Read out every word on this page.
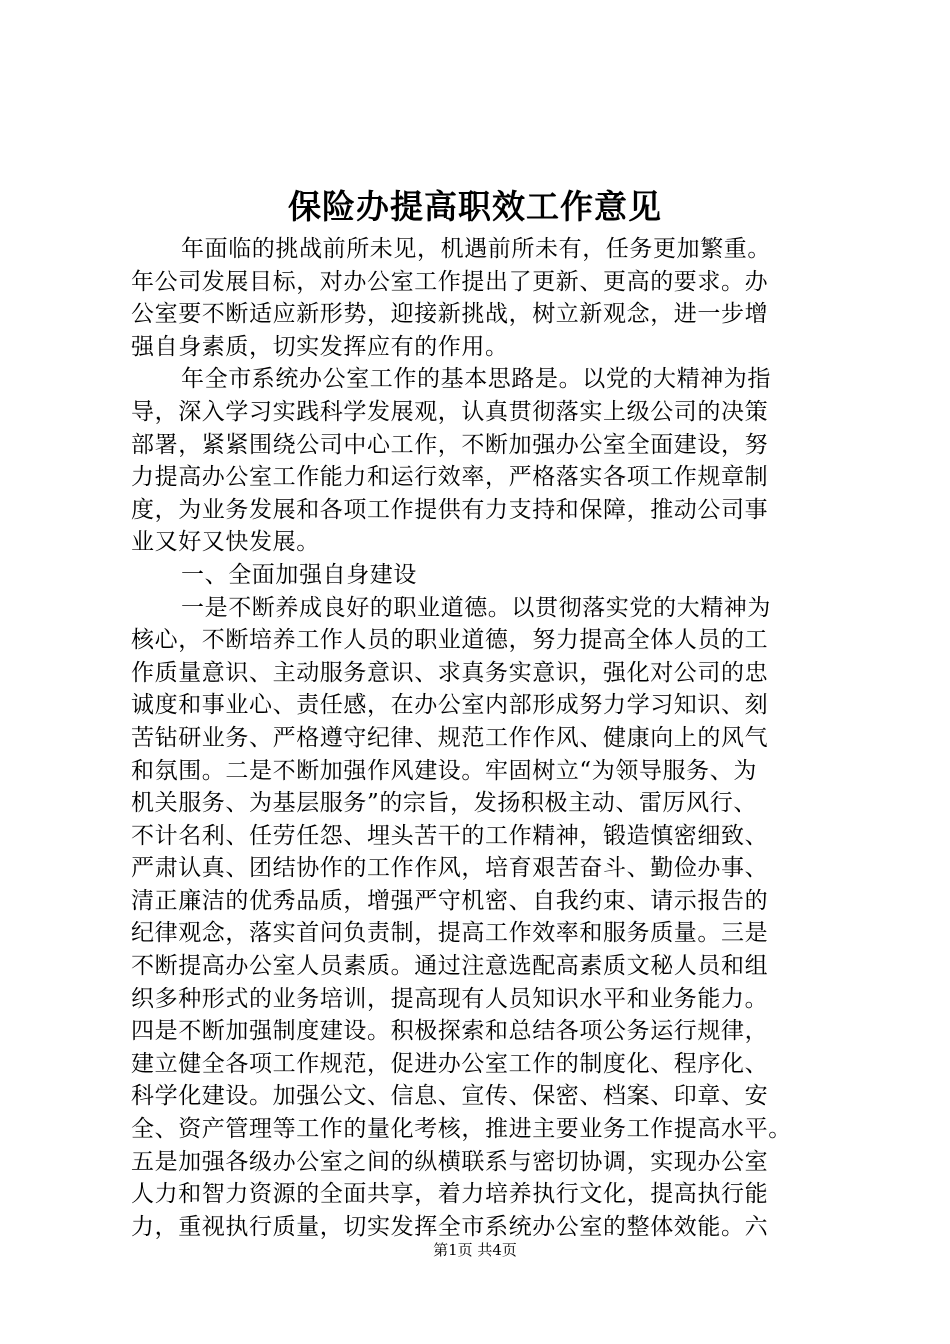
保险办提高职效工作意见
年面临的挑战前所未见，机遇前所未有，任务更加繁重。
年公司发展目标，对办公室工作提出了更新、更高的要求。办
公室要不断适应新形势，迎接新挑战，树立新观念，进一步增
强自身素质，切实发挥应有的作用。
年全市系统办公室工作的基本思路是。以党的大精神为指
导，深入学习实践科学发展观，认真贯彻落实上级公司的决策
部署，紧紧围绕公司中心工作，不断加强办公室全面建设，努
力提高办公室工作能力和运行效率，严格落实各项工作规章制
度，为业务发展和各项工作提供有力支持和保障，推动公司事
业又好又快发展。
一、全面加强自身建设
一是不断养成良好的职业道德。以贯彻落实党的大精神为
核心，不断培养工作人员的职业道德，努力提高全体人员的工
作质量意识、主动服务意识、求真务实意识，强化对公司的忠
诚度和事业心、责任感，在办公室内部形成努力学习知识、刻
苦钻研业务、严格遵守纪律、规范工作作风、健康向上的风气
和氛围。二是不断加强作风建设。牢固树立“为领导服务、为
机关服务、为基层服务”的宗旨，发扬积极主动、雷厉风行、
不计名利、任劳任怨、埋头苦干的工作精神，锻造慎密细致、
严肃认真、团结协作的工作作风，培育艰苦奋斗、勤俭办事、
清正廉洁的优秀品质，增强严守机密、自我约束、请示报告的
纪律观念，落实首问负责制，提高工作效率和服务质量。三是
不断提高办公室人员素质。通过注意选配高素质文秘人员和组
织多种形式的业务培训，提高现有人员知识水平和业务能力。
四是不断加强制度建设。积极探索和总结各项公务运行规律，
建立健全各项工作规范，促进办公室工作的制度化、程序化、
科学化建设。加强公文、信息、宣传、保密、档案、印章、安
全、资产管理等工作的量化考核，推进主要业务工作提高水平。
五是加强各级办公室之间的纵横联系与密切协调，实现办公室
人力和智力资源的全面共享，着力培养执行文化，提高执行能
力，重视执行质量，切实发挥全市系统办公室的整体效能。六
第1页 共4页
